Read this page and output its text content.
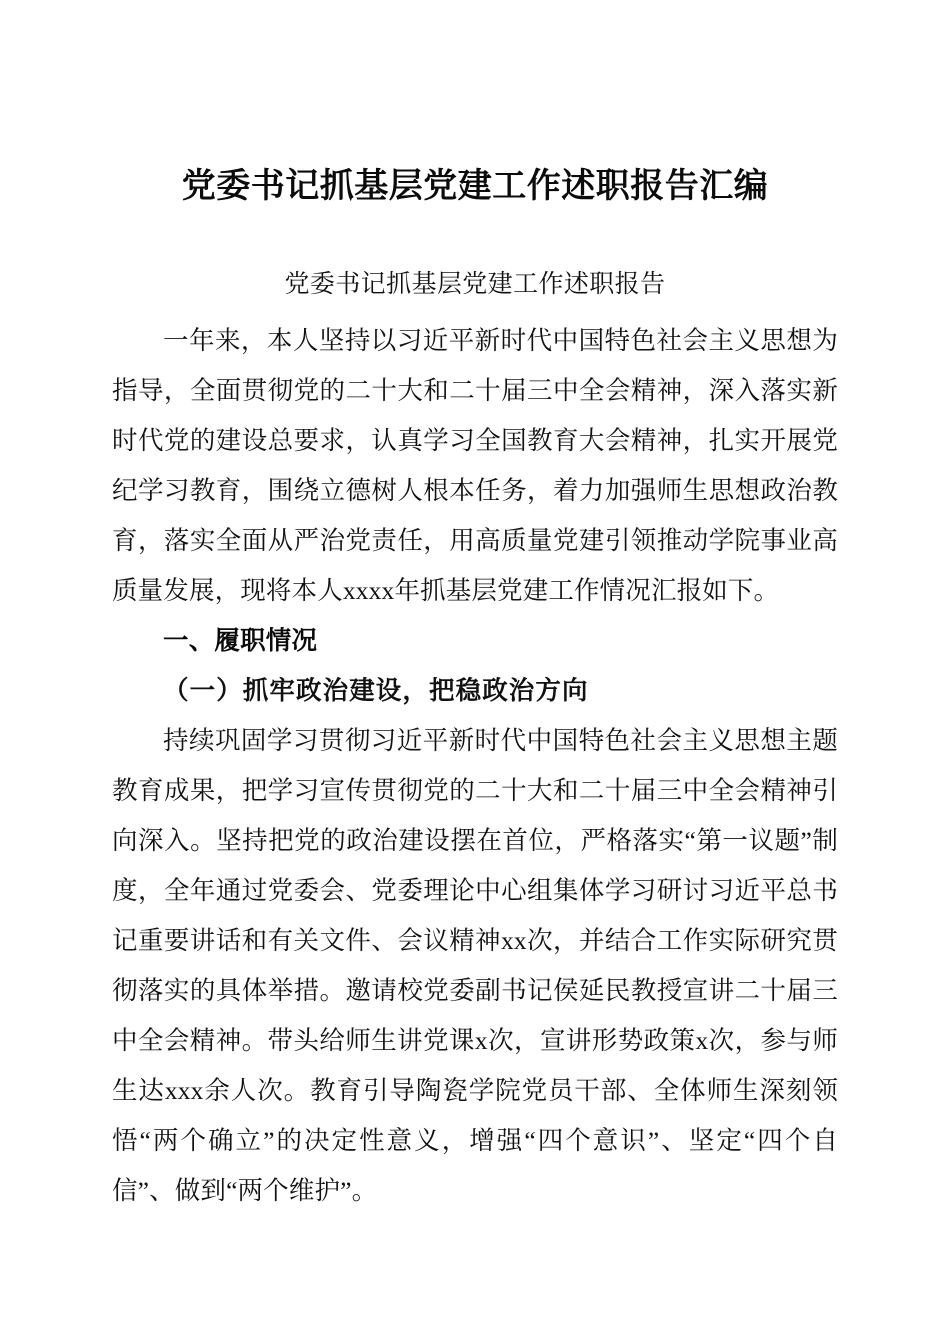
党委书记抓基层党建工作述职报告汇编

党委书记抓基层党建工作述职报告

一年来，本人坚持以习近平新时代中国特色社会主义思想为指导，全面贯彻党的二十大和二十届三中全会精神，深入落实新时代党的建设总要求，认真学习全国教育大会精神，扎实开展党纪学习教育，围绕立德树人根本任务，着力加强师生思想政治教育，落实全面从严治党责任，用高质量党建引领推动学院事业高质量发展，现将本人xxxx年抓基层党建工作情况汇报如下。

一、履职情况
（一）抓牢政治建设，把稳政治方向

持续巩固学习贯彻习近平新时代中国特色社会主义思想主题教育成果，把学习宣传贯彻党的二十大和二十届三中全会精神引向深入。坚持把党的政治建设摆在首位，严格落实“第一议题”制度，全年通过党委会、党委理论中心组集体学习研讨习近平总书记重要讲话和有关文件、会议精神xx次，并结合工作实际研究贯彻落实的具体举措。邀请校党委副书记侯延民教授宣讲二十届三中全会精神。带头给师生讲党课x次，宣讲形势政策x次，参与师生达xxx余人次。教育引导陶瓷学院党员干部、全体师生深刻领悟“两个确立”的决定性意义，增强“四个意识”、坚定“四个自信”、做到“两个维护”。
